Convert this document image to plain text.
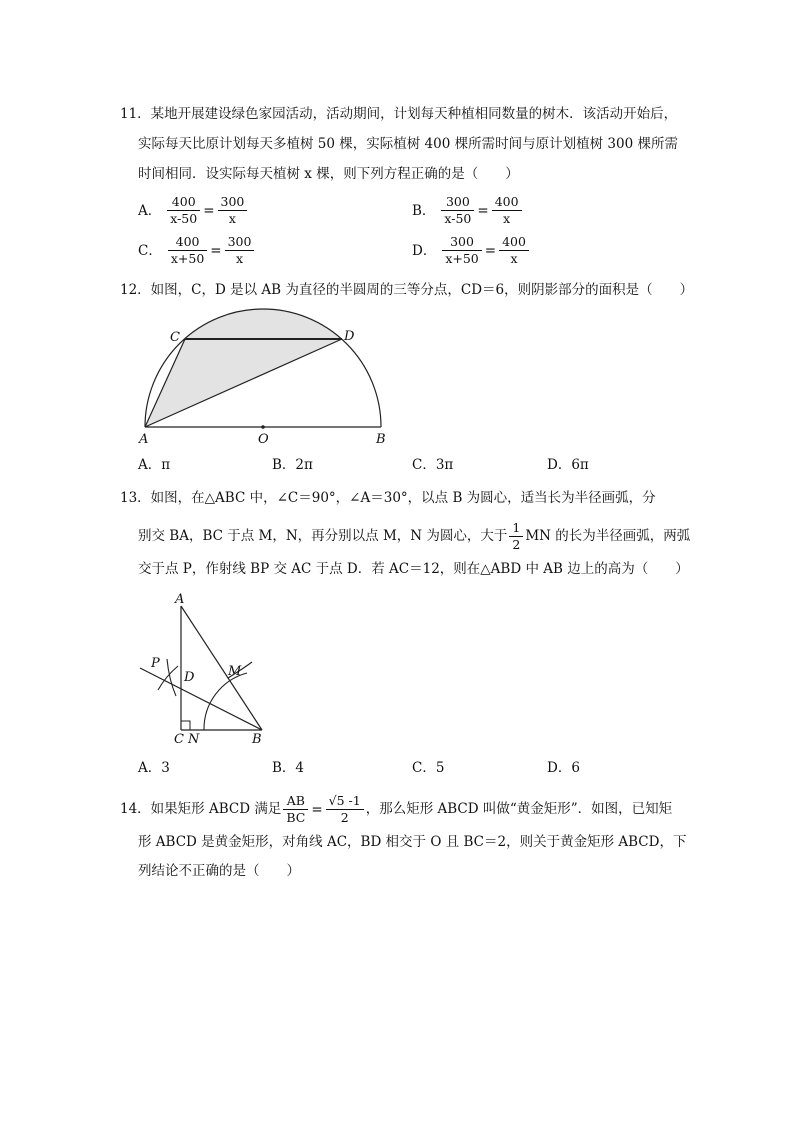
11．某地开展建设绿色家园活动，活动期间，计划每天种植相同数量的树木．该活动开始后，
实际每天比原计划每天多植树 50 棵，实际植树 400 棵所需时间与原计划植树 300 棵所需
时间相同．设实际每天植树 x 棵，则下列方程正确的是（　　）
A． $\frac{400}{x-50} = \frac{300}{x}$	B． $\frac{300}{x-50} = \frac{400}{x}$
C． $\frac{400}{x+50} = \frac{300}{x}$	D． $\frac{300}{x+50} = \frac{400}{x}$
12．如图，C，D 是以 AB 为直径的半圆周的三等分点，CD＝6，则阴影部分的面积是（　　）
C	D
A	O	B
A．π	B．2π	C．3π	D．6π
13．如图，在△ABC 中，∠C＝90°，∠A＝30°，以点 B 为圆心，适当长为半径画弧，分
别交 BA，BC 于点 M，N，再分别以点 M，N 为圆心，大于 $\frac{1}{2}$ MN 的长为半径画弧，两弧
交于点 P，作射线 BP 交 AC 于点 D．若 AC＝12，则在△ABD 中 AB 边上的高为（　　）
A
P
D	M
C N	B
A．3	B．4	C．5	D．6
14．如果矩形 ABCD 满足 $\frac{AB}{BC} = \frac{√5 -1}{2}$ ，那么矩形 ABCD 叫做“黄金矩形”．如图，已知矩
形 ABCD 是黄金矩形，对角线 AC，BD 相交于 O 且 BC＝2，则关于黄金矩形 ABCD，下
列结论不正确的是（　　）
